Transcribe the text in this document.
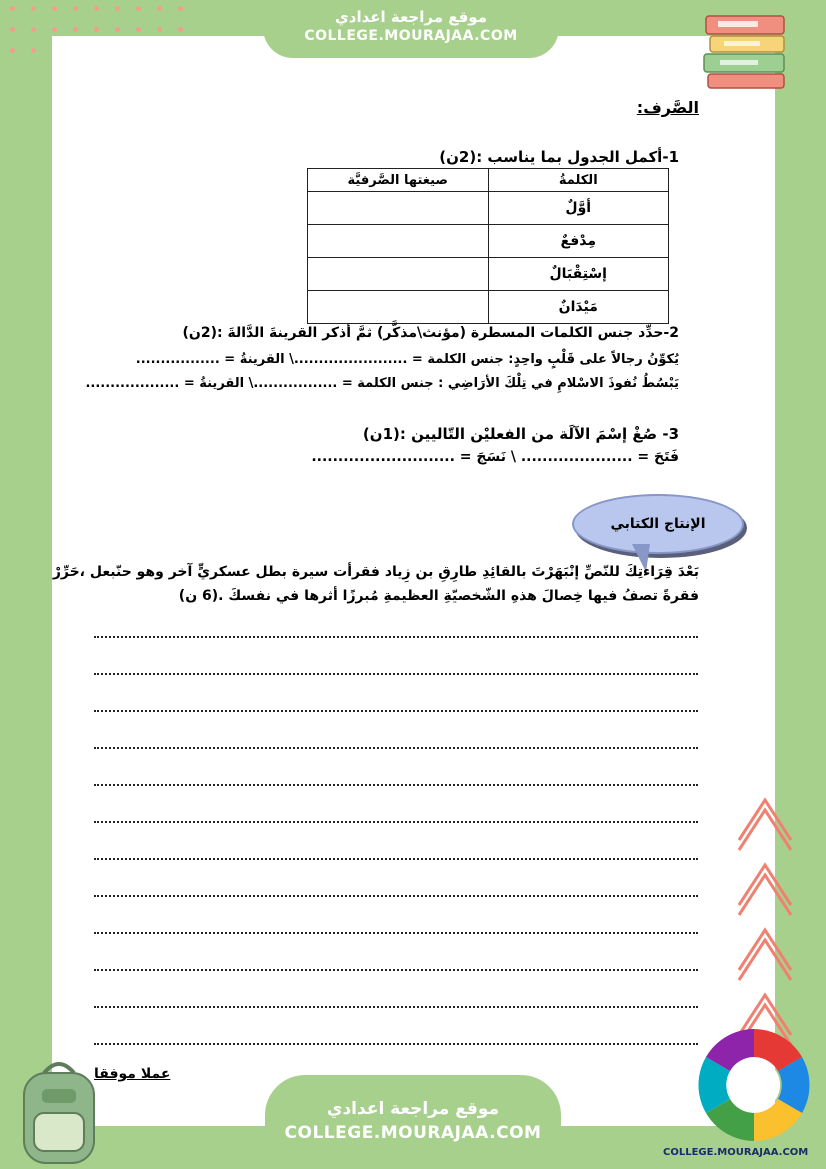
الصَّرف:
1-أكمل الجدول بما يناسب :(2ن)
الكلمةُ	صيغتها الصَّرفيَّة
أوَّلٌ	
مِدْفعٌ	
إسْتِقْبَالٌ	
مَيْدَانٌ	
2-حدِّد جنس الكلمات المسطرة (مؤنث\مذكَّر) ثمَّ أذكر القرينةَ الدَّالةَ :(2ن)
يُكوِّنُ رجالاً على قَلْبٍ واحِدٍ: جنس الكلمة = .......................\ القرينةُ = .................
يَبْسُطُ نُفوذَ الاسْلامِ في تِلْكَ الأرَاضِي : جنس الكلمة = .................\ القرينةُ = ...................
3- صُغْ إسْمَ الآلَة من الفعليْن التّاليين :(1ن)
فَتَحَ = ..................... \ نَسَجَ = ...........................
الإنتاج الكتابي
بَعْدَ قِرَاءتِكَ للنّصِّ إنْبَهَرْتَ بالقائِدِ طارِقِ بن زِياد فقرأت سيرة بطل عسكريٍّ آخر وهو حنّبعل ،حَرِّرْ
فقرةً تصفُ فيها خِصالَ هذهِ الشّخصيّةِ العظيمةِ مُبرزًا أثرها في نفسكَ .(6 ن)
عملا موفقا
موقع مراجعة اعدادي
COLLEGE.MOURAJAA.COM
موقع مراجعة اعدادي
COLLEGE.MOURAJAA.COM
COLLEGE.MOURAJAA.COM
